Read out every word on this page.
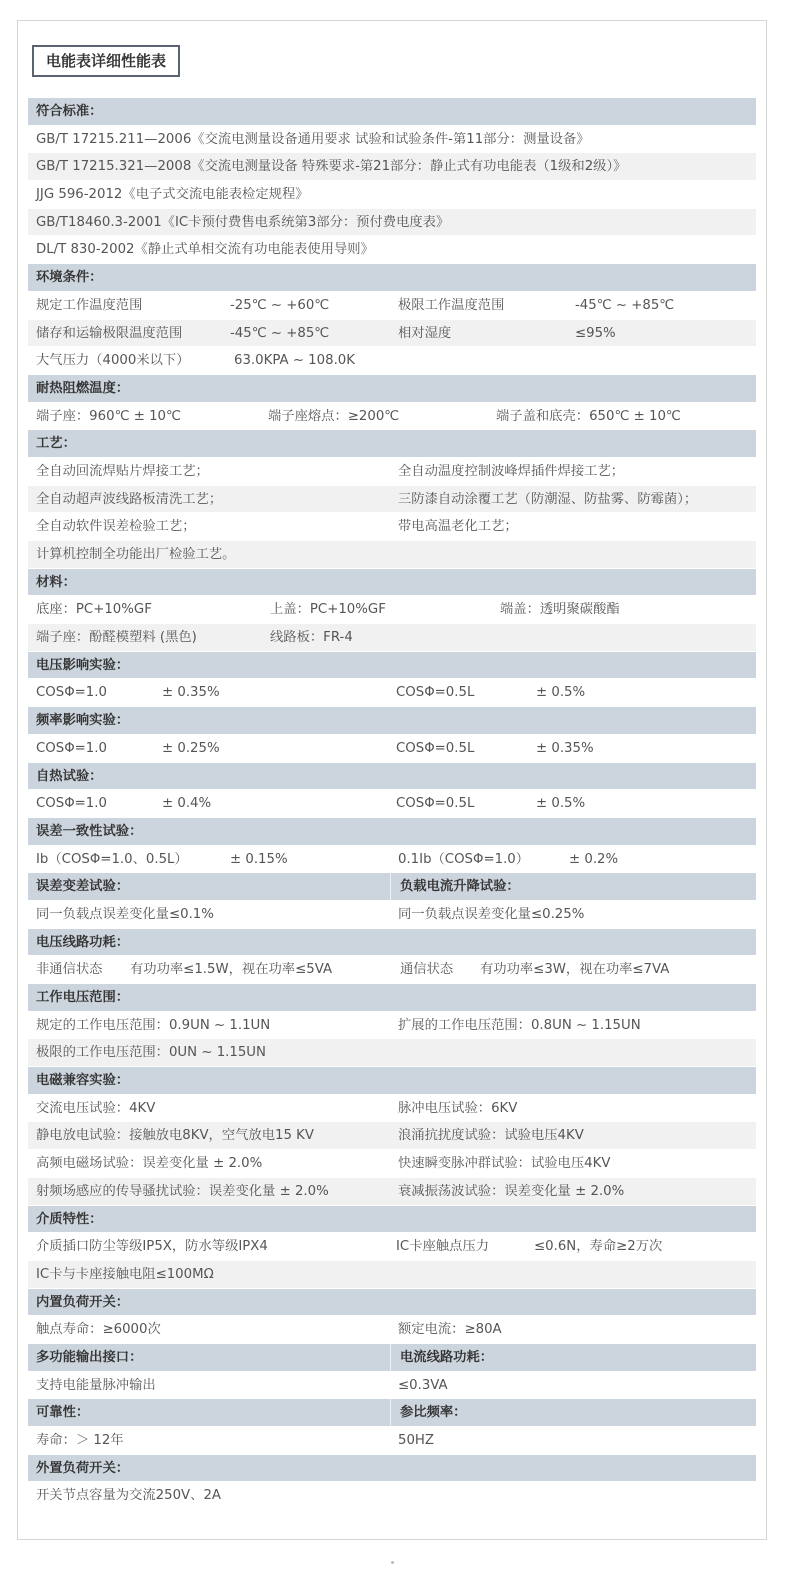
电能表详细性能表
符合标准：
GB/T 17215.211—2006《交流电测量设备通用要求 试验和试验条件-第11部分：测量设备》
GB/T 17215.321—2008《交流电测量设备 特殊要求-第21部分：静止式有功电能表（1级和2级）》
JJG 596-2012《电子式交流电能表检定规程》
GB/T18460.3-2001《IC卡预付费售电系统第3部分：预付费电度表》
DL/T 830-2002《静止式单相交流有功电能表使用导则》
环境条件：
规定工作温度范围	-25℃ ~ +60℃	极限工作温度范围	-45℃ ~ +85℃
储存和运输极限温度范围	-45℃ ~ +85℃	相对湿度	≤95%
大气压力（4000米以下）	63.0KPA ~ 108.0K
耐热阻燃温度：
端子座：960℃ ± 10℃	端子座熔点：≥200℃	端子盖和底壳：650℃ ± 10℃
工艺：
全自动回流焊贴片焊接工艺；	全自动温度控制波峰焊插件焊接工艺；
全自动超声波线路板清洗工艺；	三防漆自动涂覆工艺（防潮湿、防盐雾、防霉菌）；
全自动软件误差检验工艺；	带电高温老化工艺；
计算机控制全功能出厂检验工艺。
材料：
底座：PC+10%GF	上盖：PC+10%GF	端盖：透明聚碳酸酯
端子座：酚醛模塑料 (黑色)	线路板：FR-4
电压影响实验：
COSΦ=1.0	± 0.35%	COSΦ=0.5L	± 0.5%
频率影响实验：
COSΦ=1.0	± 0.25%	COSΦ=0.5L	± 0.35%
自热试验：
COSΦ=1.0	± 0.4%	COSΦ=0.5L	± 0.5%
误差一致性试验：
Ib（COSΦ=1.0、0.5L）	± 0.15%	0.1Ib（COSΦ=1.0）	± 0.2%
误差变差试验：	负载电流升降试验：
同一负载点误差变化量≤0.1%	同一负载点误差变化量≤0.25%
电压线路功耗：
非通信状态 有功功率≤1.5W，视在功率≤5VA	通信状态 有功功率≤3W，视在功率≤7VA
工作电压范围：
规定的工作电压范围：0.9UN ~ 1.1UN	扩展的工作电压范围：0.8UN ~ 1.15UN
极限的工作电压范围：0UN ~ 1.15UN
电磁兼容实验：
交流电压试验：4KV	脉冲电压试验：6KV
静电放电试验：接触放电8KV，空气放电15 KV	浪涌抗扰度试验：试验电压4KV
高频电磁场试验：误差变化量 ± 2.0%	快速瞬变脉冲群试验：试验电压4KV
射频场感应的传导骚扰试验：误差变化量 ± 2.0%	衰减振荡波试验：误差变化量 ± 2.0%
介质特性：
介质插口防尘等级IP5X，防水等级IPX4	IC卡座触点压力	≤0.6N，寿命≥2万次
IC卡与卡座接触电阻≤100MΩ
内置负荷开关：
触点寿命：≥6000次	额定电流：≥80A
多功能输出接口：	电流线路功耗：
支持电能量脉冲输出	≤0.3VA
可靠性：	参比频率：
寿命：＞ 12年	50HZ
外置负荷开关：
开关节点容量为交流250V、2A
